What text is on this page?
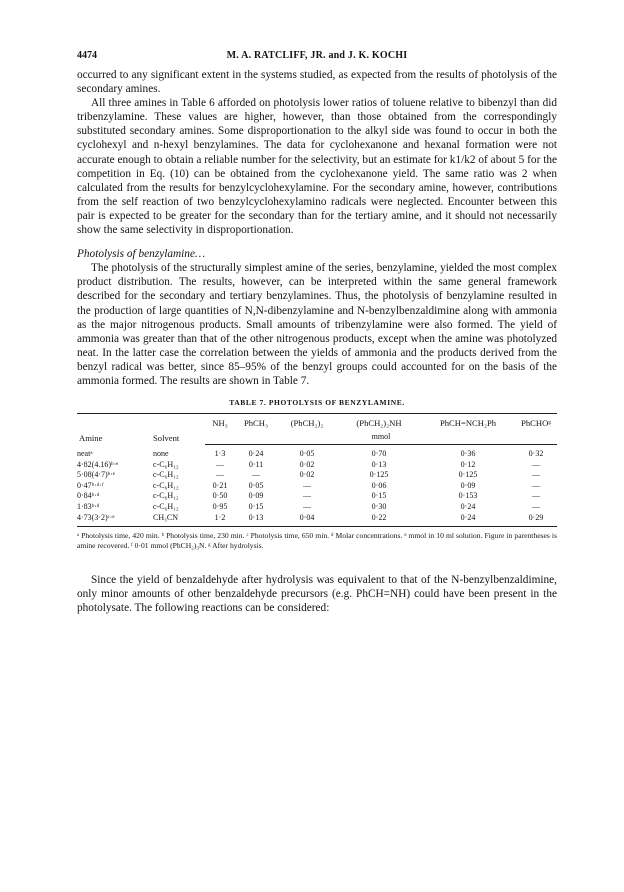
4474	M. A. RATCLIFF, JR. and J. K. KOCHI

occurred to any significant extent in the systems studied, as expected from the results of photolysis of the secondary amines.

All three amines in Table 6 afforded on photolysis lower ratios of toluene relative to bibenzyl than did tribenzylamine. These values are higher, however, than those obtained from the correspondingly substituted secondary amines. Some disproportionation to the alkyl side was found to occur in both the cyclohexyl and n-hexyl benzylamines. The data for cyclohexanone and hexanal formation were not accurate enough to obtain a reliable number for the selectivity, but an estimate for k1/k2 of about 5 for the competition in Eq. (10) can be obtained from the cyclohexanone yield. The same ratio was 2 when calculated from the results for benzylcyclohexylamine. For the secondary amine, however, contributions from the self reaction of two benzylcyclohexylamino radicals were neglected. Encounter between this pair is expected to be greater for the secondary than for the tertiary amine, and it should not necessarily show the same selectivity in disproportionation.

Photolysis of benzylamine…

The photolysis of the structurally simplest amine of the series, benzylamine, yielded the most complex product distribution. The results, however, can be interpreted within the same general framework described for the secondary and tertiary benzylamines. Thus, the photolysis of benzylamine resulted in the production of large quantities of N,N-dibenzylamine and N-benzylbenzaldimine along with ammonia as the major nitrogenous products. Small amounts of tribenzylamine were also formed. The yield of ammonia was greater than that of the other nitrogenous products, except when the amine was photolyzed neat. In the latter case the correlation between the yields of ammonia and the products derived from the benzyl radical was better, since 85–95% of the benzyl groups could accounted for on the basis of the ammonia formed. The results are shown in Table 7.

TABLE 7. PHOTOLYSIS OF BENZYLAMINE.
Amine	Solvent	NH₃	PhCH₃	(PhCH₂)₂	(PhCH₂)₂NH	PhCH=NCH₂Ph	PhCHOᵍ
		mmol					
neatᵃ	none	1·3	0·24	0·05	0·70	0·36	0·32
4·82(4.16)ᵇ·ᵉ	c-C₆H₁₂	—	0·11	0·02	0·13	0·12	—
5·08(4·7)ᵇ·ᵉ	c-C₆H₁₂	—	—	0·02	0·125	0·125	—
0·47ᵇ·ᵈ·ᶠ	c-C₆H₁₂	0·21	0·05	—	0·06	0·09	—
0·84ᵇ·ᵈ	c-C₆H₁₂	0·50	0·09	—	0·15	0·153	—
1·83ᵇ·ᵈ	c-C₆H₁₂	0·95	0·15	—	0·30	0·24	—
4·73(3·2)ᶜ·ᵉ	CH₃CN	1·2	0·13	0·04	0·22	0·24	0·29
ᵃ Photolysis time, 420 min. ᵇ Photolysis time, 230 min. ᶜ Photolysis time, 650 min. ᵈ Molar concentrations. ᵉ mmol in 10 ml solution. Figure in parentheses is amine recovered. ᶠ 0·01 mmol (PhCH₂)₃N. ᵍ After hydrolysis.

Since the yield of benzaldehyde after hydrolysis was equivalent to that of the N-benzylbenzaldimine, only minor amounts of other benzaldehyde precursors (e.g. PhCH=NH) could have been present in the photolysate. The following reactions can be considered:
